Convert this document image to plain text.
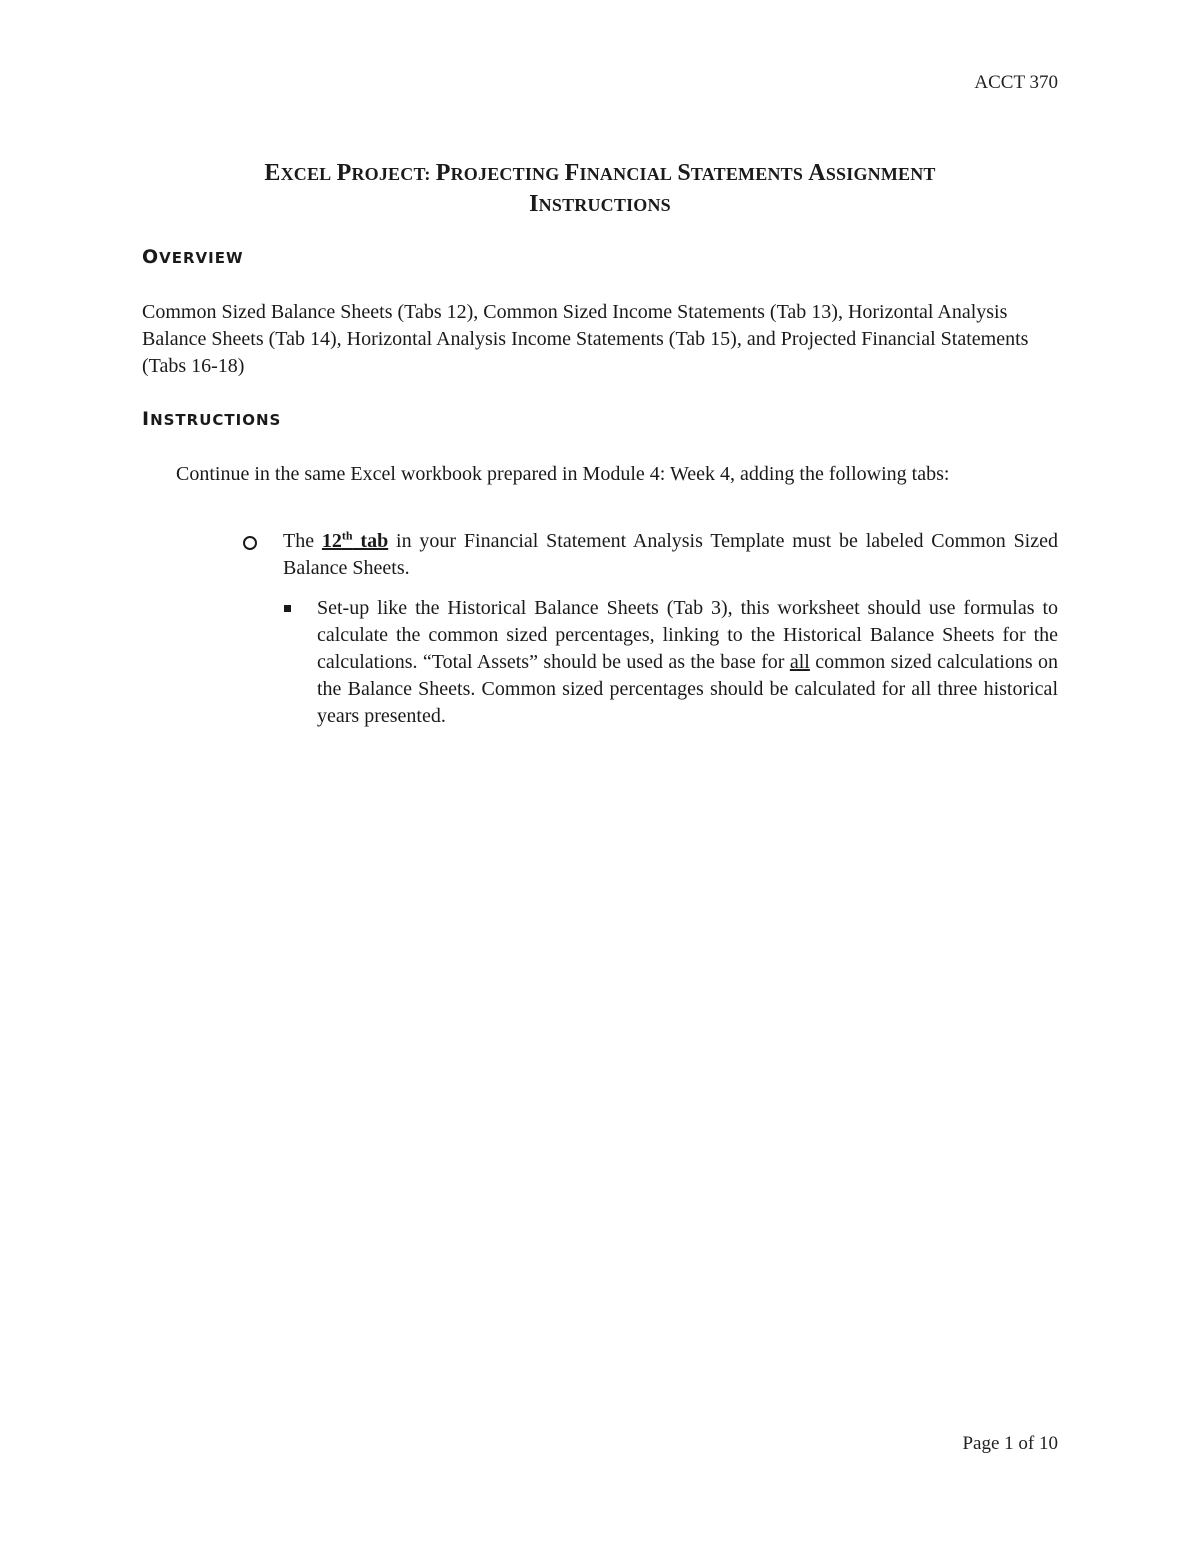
ACCT 370
EXCEL PROJECT: PROJECTING FINANCIAL STATEMENTS ASSIGNMENT
INSTRUCTIONS
OVERVIEW
Common Sized Balance Sheets (Tabs 12), Common Sized Income Statements (Tab 13), Horizontal Analysis Balance Sheets (Tab 14), Horizontal Analysis Income Statements (Tab 15), and Projected Financial Statements (Tabs 16-18)
INSTRUCTIONS
Continue in the same Excel workbook prepared in Module 4: Week 4, adding the following tabs:
The 12th tab in your Financial Statement Analysis Template must be labeled Common Sized Balance Sheets.
Set-up like the Historical Balance Sheets (Tab 3), this worksheet should use formulas to calculate the common sized percentages, linking to the Historical Balance Sheets for the calculations. “Total Assets” should be used as the base for all common sized calculations on the Balance Sheets. Common sized percentages should be calculated for all three historical years presented.
Page 1 of 10
